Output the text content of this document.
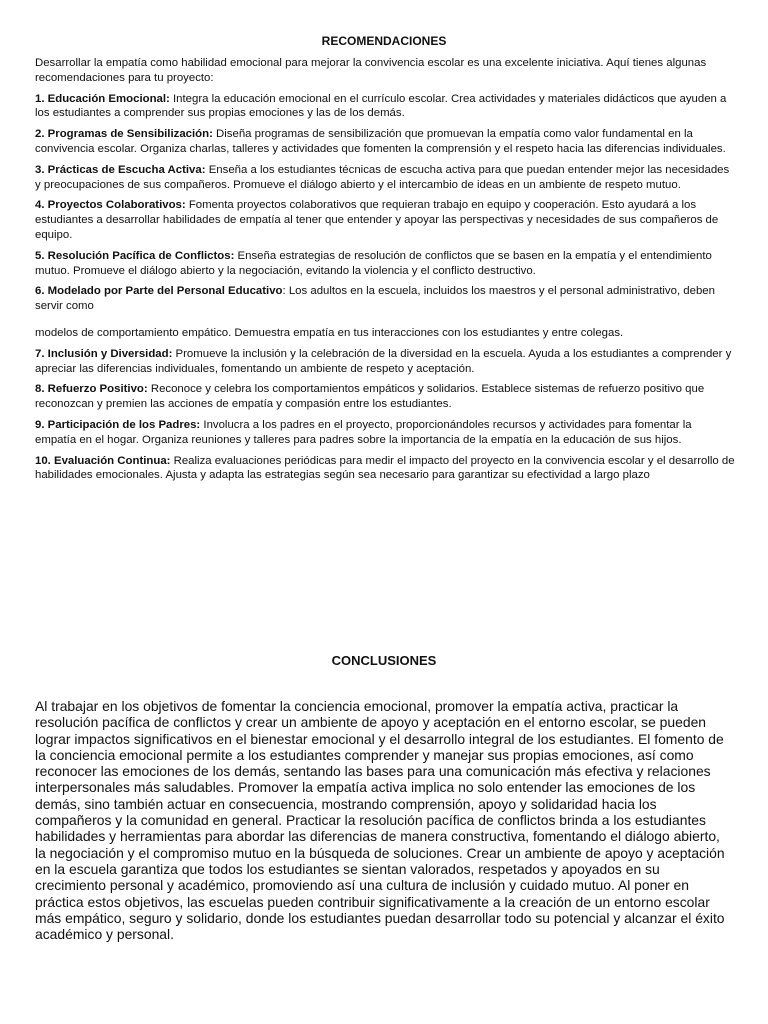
RECOMENDACIONES

Desarrollar la empatía como habilidad emocional para mejorar la convivencia escolar es una excelente iniciativa. Aquí tienes algunas recomendaciones para tu proyecto:

1. Educación Emocional: Integra la educación emocional en el currículo escolar. Crea actividades y materiales didácticos que ayuden a los estudiantes a comprender sus propias emociones y las de los demás.

2. Programas de Sensibilización: Diseña programas de sensibilización que promuevan la empatía como valor fundamental en la convivencia escolar. Organiza charlas, talleres y actividades que fomenten la comprensión y el respeto hacia las diferencias individuales.

3. Prácticas de Escucha Activa: Enseña a los estudiantes técnicas de escucha activa para que puedan entender mejor las necesidades y preocupaciones de sus compañeros. Promueve el diálogo abierto y el intercambio de ideas en un ambiente de respeto mutuo.

4. Proyectos Colaborativos: Fomenta proyectos colaborativos que requieran trabajo en equipo y cooperación. Esto ayudará a los estudiantes a desarrollar habilidades de empatía al tener que entender y apoyar las perspectivas y necesidades de sus compañeros de equipo.

5. Resolución Pacífica de Conflictos: Enseña estrategias de resolución de conflictos que se basen en la empatía y el entendimiento mutuo. Promueve el diálogo abierto y la negociación, evitando la violencia y el conflicto destructivo.

6. Modelado por Parte del Personal Educativo: Los adultos en la escuela, incluidos los maestros y el personal administrativo, deben servir como

modelos de comportamiento empático. Demuestra empatía en tus interacciones con los estudiantes y entre colegas.

7. Inclusión y Diversidad: Promueve la inclusión y la celebración de la diversidad en la escuela. Ayuda a los estudiantes a comprender y apreciar las diferencias individuales, fomentando un ambiente de respeto y aceptación.

8. Refuerzo Positivo: Reconoce y celebra los comportamientos empáticos y solidarios. Establece sistemas de refuerzo positivo que reconozcan y premien las acciones de empatía y compasión entre los estudiantes.

9. Participación de los Padres: Involucra a los padres en el proyecto, proporcionándoles recursos y actividades para fomentar la empatía en el hogar. Organiza reuniones y talleres para padres sobre la importancia de la empatía en la educación de sus hijos.

10. Evaluación Continua: Realiza evaluaciones periódicas para medir el impacto del proyecto en la convivencia escolar y el desarrollo de habilidades emocionales. Ajusta y adapta las estrategias según sea necesario para garantizar su efectividad a largo plazo

CONCLUSIONES

Al trabajar en los objetivos de fomentar la conciencia emocional, promover la empatía activa, practicar la resolución pacífica de conflictos y crear un ambiente de apoyo y aceptación en el entorno escolar, se pueden lograr impactos significativos en el bienestar emocional y el desarrollo integral de los estudiantes. El fomento de la conciencia emocional permite a los estudiantes comprender y manejar sus propias emociones, así como reconocer las emociones de los demás, sentando las bases para una comunicación más efectiva y relaciones interpersonales más saludables. Promover la empatía activa implica no solo entender las emociones de los demás, sino también actuar en consecuencia, mostrando comprensión, apoyo y solidaridad hacia los compañeros y la comunidad en general. Practicar la resolución pacífica de conflictos brinda a los estudiantes habilidades y herramientas para abordar las diferencias de manera constructiva, fomentando el diálogo abierto, la negociación y el compromiso mutuo en la búsqueda de soluciones. Crear un ambiente de apoyo y aceptación en la escuela garantiza que todos los estudiantes se sientan valorados, respetados y apoyados en su crecimiento personal y académico, promoviendo así una cultura de inclusión y cuidado mutuo. Al poner en práctica estos objetivos, las escuelas pueden contribuir significativamente a la creación de un entorno escolar más empático, seguro y solidario, donde los estudiantes puedan desarrollar todo su potencial y alcanzar el éxito académico y personal.
